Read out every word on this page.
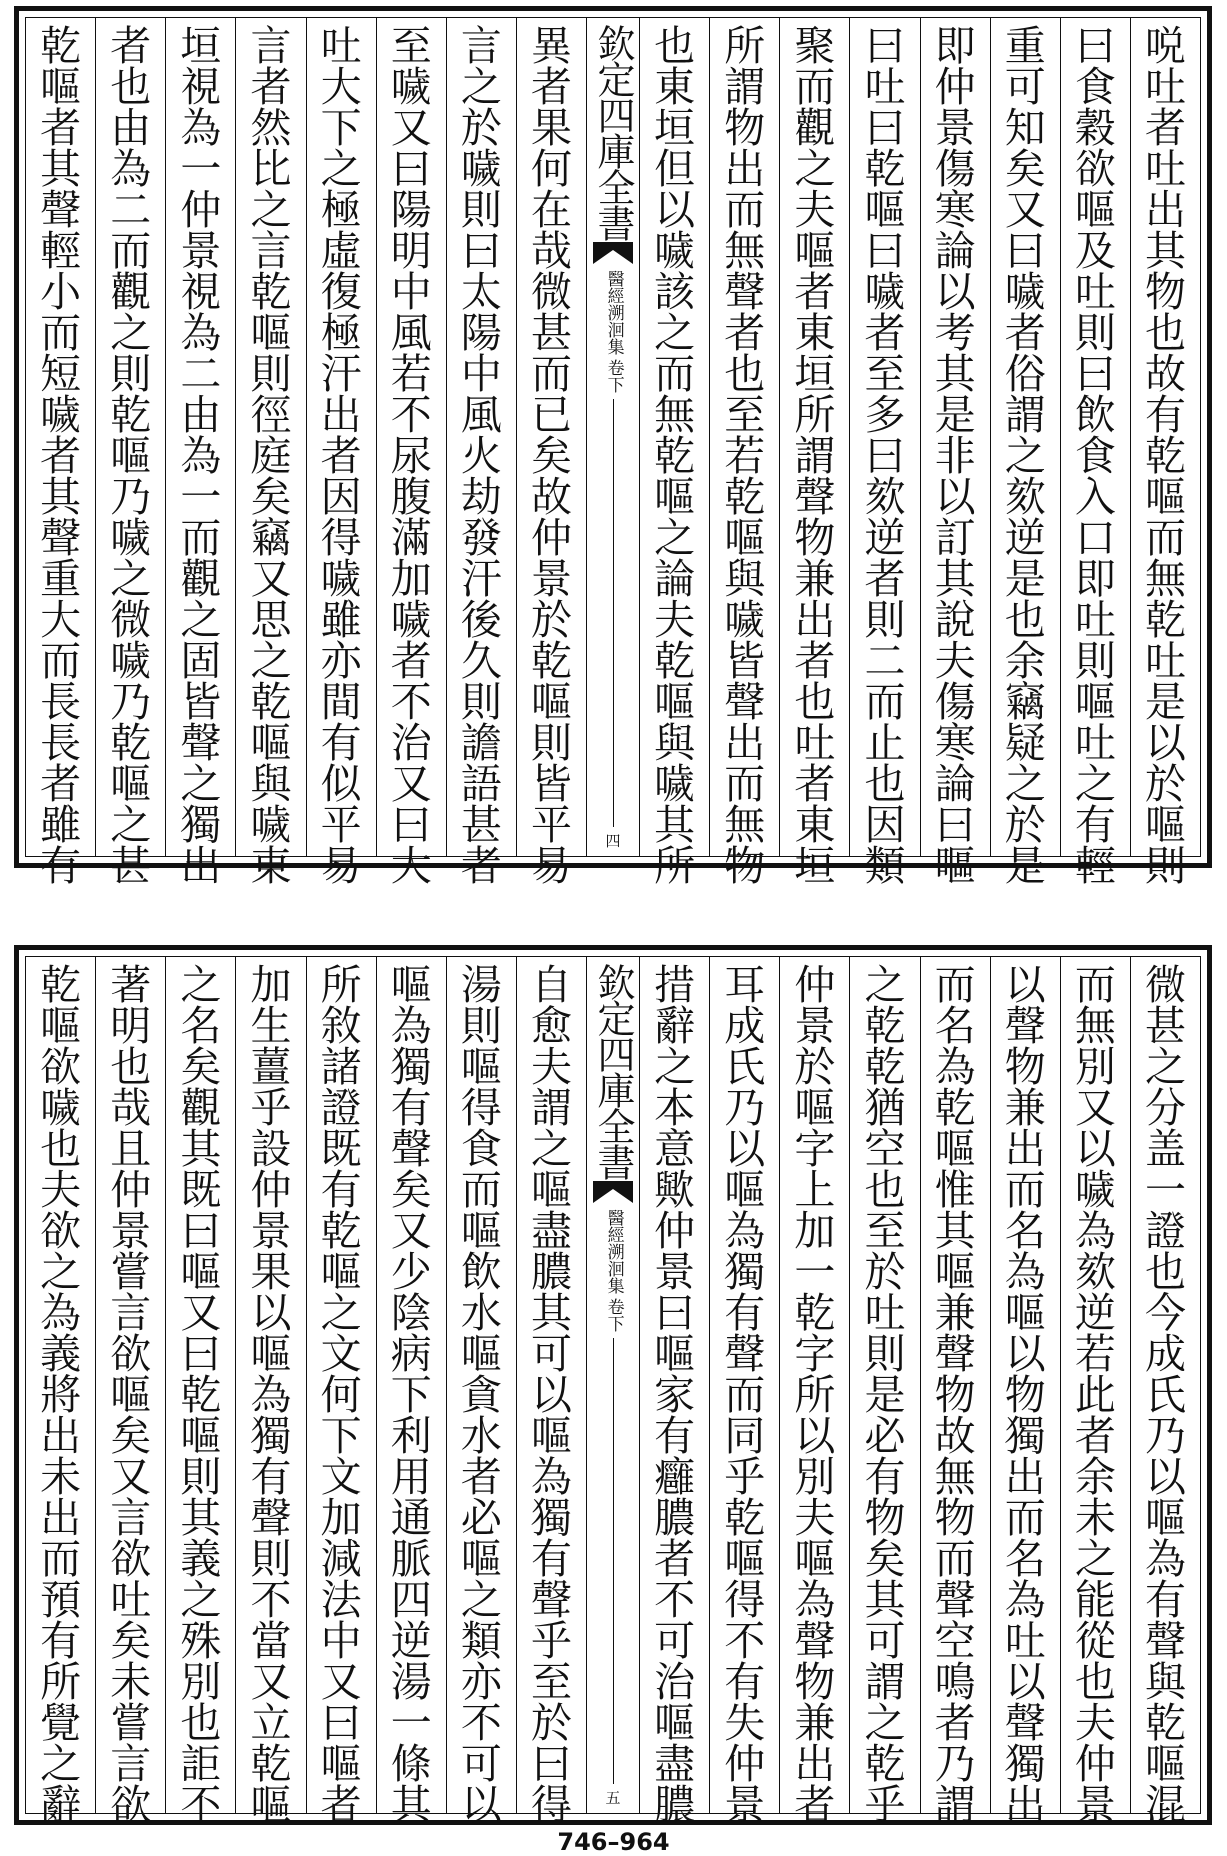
哾
吐
者
吐
出
其
物
也
故
有
乾
嘔
而
無
乾
吐
是
以
於
嘔
則
曰
食
穀
欲
嘔
及
吐
則
曰
飲
食
入
口
即
吐
則
嘔
吐
之
有
輕
重
可
知
矣
又
曰
噦
者
俗
謂
之
欬
逆
是
也
余
竊
疑
之
於
是
即
仲
景
傷
寒
論
以
考
其
是
非
以
訂
其
說
夫
傷
寒
論
曰
嘔
曰
吐
曰
乾
嘔
曰
噦
者
至
多
曰
欬
逆
者
則
二
而
止
也
因
類
聚
而
觀
之
夫
嘔
者
東
垣
所
謂
聲
物
兼
出
者
也
吐
者
東
垣
所
謂
物
出
而
無
聲
者
也
至
若
乾
嘔
與
噦
皆
聲
出
而
無
物
也
東
垣
但
以
噦
該
之
而
無
乾
嘔
之
論
夫
乾
嘔
與
噦
其
所
欽定四庫全書
醫經溯洄集
卷下
四
異
者
果
何
在
哉
微
甚
而
已
矣
故
仲
景
於
乾
嘔
則
皆
平
易
言
之
於
噦
則
曰
太
陽
中
風
火
劫
發
汗
後
久
則
譫
語
甚
者
至
噦
又
曰
陽
明
中
風
若
不
尿
腹
滿
加
噦
者
不
治
又
曰
大
吐
大
下
之
極
虛
復
極
汗
出
者
因
得
噦
雖
亦
間
有
似
平
易
言
者
然
比
之
言
乾
嘔
則
徑
庭
矣
竊
又
思
之
乾
嘔
與
噦
東
垣
視
為
一
仲
景
視
為
二
由
為
一
而
觀
之
固
皆
聲
之
獨
出
者
也
由
為
二
而
觀
之
則
乾
嘔
乃
噦
之
微
噦
乃
乾
嘔
之
甚
乾
嘔
者
其
聲
輕
小
而
短
噦
者
其
聲
重
大
而
長
長
者
雖
有
微
甚
之
分
盖
一
證
也
今
成
氏
乃
以
嘔
為
有
聲
與
乾
嘔
混
而
無
別
又
以
噦
為
欬
逆
若
此
者
余
未
之
能
從
也
夫
仲
景
以
聲
物
兼
出
而
名
為
嘔
以
物
獨
出
而
名
為
吐
以
聲
獨
出
而
名
為
乾
嘔
惟
其
嘔
兼
聲
物
故
無
物
而
聲
空
鳴
者
乃
謂
之
乾
乾
猶
空
也
至
於
吐
則
是
必
有
物
矣
其
可
謂
之
乾
乎
仲
景
於
嘔
字
上
加
一
乾
字
所
以
別
夫
嘔
為
聲
物
兼
出
者
耳
成
氏
乃
以
嘔
為
獨
有
聲
而
同
乎
乾
嘔
得
不
有
失
仲
景
措
辭
之
本
意
歟
仲
景
曰
嘔
家
有
癰
膿
者
不
可
治
嘔
盡
膿
欽定四庫全書
醫經溯洄集
卷下
五
自
愈
夫
謂
之
嘔
盡
膿
其
可
以
嘔
為
獨
有
聲
乎
至
於
曰
得
湯
則
嘔
得
食
而
嘔
飲
水
嘔
貪
水
者
必
嘔
之
類
亦
不
可
以
嘔
為
獨
有
聲
矣
又
少
陰
病
下
利
用
通
脈
四
逆
湯
一
條
其
所
敘
諸
證
既
有
乾
嘔
之
文
何
下
文
加
減
法
中
又
曰
嘔
者
加
生
薑
乎
設
仲
景
果
以
嘔
為
獨
有
聲
則
不
當
又
立
乾
嘔
之
名
矣
觀
其
既
曰
嘔
又
曰
乾
嘔
則
其
義
之
殊
別
也
詎
不
著
明
也
哉
且
仲
景
嘗
言
欲
嘔
矣
又
言
欲
吐
矣
未
嘗
言
欲
乾
嘔
欲
噦
也
夫
欲
之
為
義
將
出
未
出
而
預
有
所
覺
之
辭
746–964
